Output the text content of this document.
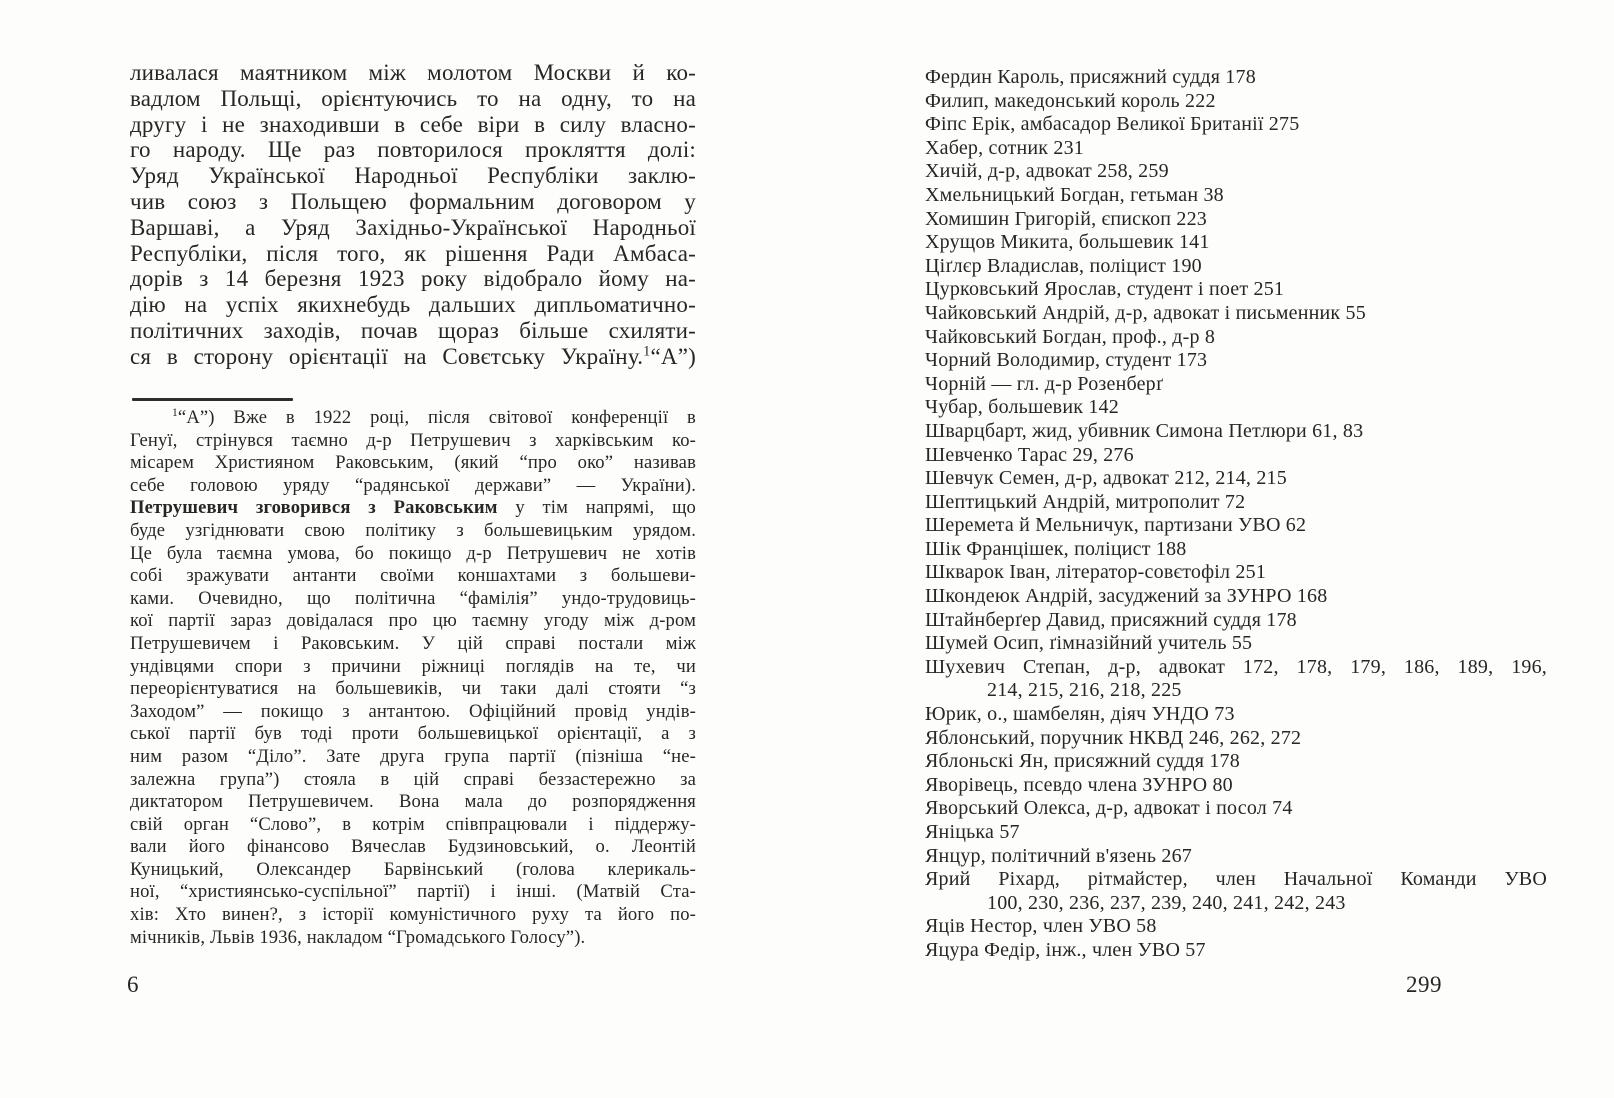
ливалася маятником між молотом Москви й ко-
вадлом Польщі, орієнтуючись то на одну, то на
другу і не знаходивши в себе віри в силу власно-
го народу. Ще раз повторилося прокляття долі:
Уряд Української Народньої Республіки заклю-
чив союз з Польщею формальним договором у
Варшаві, а Уряд Західньо-Української Народньої
Республіки, після того, як рішення Ради Амбаса-
дорів з 14 березня 1923 року відобрало йому на-
дію на успіх якихнебудь дальших дипльоматично-
політичних заходів, почав щораз більше схиляти-
ся в сторону орієнтації на Совєтську Україну.$^1$“А”)
$^1$“А”) Вже в 1922 році, після світової конференції в
Генуї, стрінувся таємно д-р Петрушевич з харківським ко-
місарем Християном Раковським, (який “про око” називав
себе головою уряду “радянської держави” — України).
Петрушевич зговорився з Раковським у тім напрямі, що
буде узгіднювати свою політику з большевицьким урядом.
Це була таємна умова, бо покищо д-р Петрушевич не хотів
собі зражувати антанти своїми коншахтами з большеви-
ками. Очевидно, що політична “фамілія” ундо-трудовиць-
кої партії зараз довідалася про цю таємну угоду між д-ром
Петрушевичем і Раковським. У цій справі постали між
ундівцями спори з причини ріжниці поглядів на те, чи
переорієнтуватися на большевиків, чи таки далі стояти “з
Заходом” — покищо з антантою. Офіційний провід ундів-
ської партії був тоді проти большевицької орієнтації, а з
ним разом “Діло”. Зате друга група партії (пізніша “не-
залежна група”) стояла в цій справі беззастережно за
диктатором Петрушевичем. Вона мала до розпорядження
свій орган “Слово”, в котрім співпрацювали і піддержу-
вали його фінансово Вячеслав Будзиновський, о. Леонтій
Куницький, Олександер Барвінський (голова клерикаль-
ної, “християнсько-суспільної” партії) і інші. (Матвій Ста-
хів: Хто винен?, з історії комуністичного руху та його по-
мічників, Львів 1936, накладом “Громадського Голосу”).
6
Фердин Кароль, присяжний суддя 178
Филип, македонський король 222
Фіпс Ерік, амбасадор Великої Британії 275
Хабер, сотник 231
Хичій, д-р, адвокат 258, 259
Хмельницький Богдан, гетьман 38
Хомишин Григорій, єпископ 223
Хрущов Микита, большевик 141
Ціґлєр Владислав, поліцист 190
Цурковський Ярослав, студент і поет 251
Чайковський Андрій, д-р, адвокат і письменник 55
Чайковський Богдан, проф., д-р 8
Чорний Володимир, студент 173
Чорній — гл. д-р Розенберґ
Чубар, большевик 142
Шварцбарт, жид, убивник Симона Петлюри 61, 83
Шевченко Тарас 29, 276
Шевчук Семен, д-р, адвокат 212, 214, 215
Шептицький Андрій, митрополит 72
Шеремета й Мельничук, партизани УВО 62
Шік Францішек, поліцист 188
Шкварок Іван, літератор-совєтофіл 251
Шкондеюк Андрій, засуджений за ЗУНРО 168
Штайнберґер Давид, присяжний суддя 178
Шумей Осип, ґімназійний учитель 55
Шухевич Степан, д-р, адвокат 172, 178, 179, 186, 189, 196,
214, 215, 216, 218, 225
Юрик, о., шамбелян, діяч УНДО 73
Яблонський, поручник НКВД 246, 262, 272
Яблоньскі Ян, присяжний суддя 178
Яворівець, псевдо члена ЗУНРО 80
Яворський Олекса, д-р, адвокат і посол 74
Яніцька 57
Янцур, політичний в'язень 267
Ярий Ріхард, рітмайстер, член Начальної Команди УВО
100, 230, 236, 237, 239, 240, 241, 242, 243
Яців Нестор, член УВО 58
Яцура Федір, інж., член УВО 57
299
